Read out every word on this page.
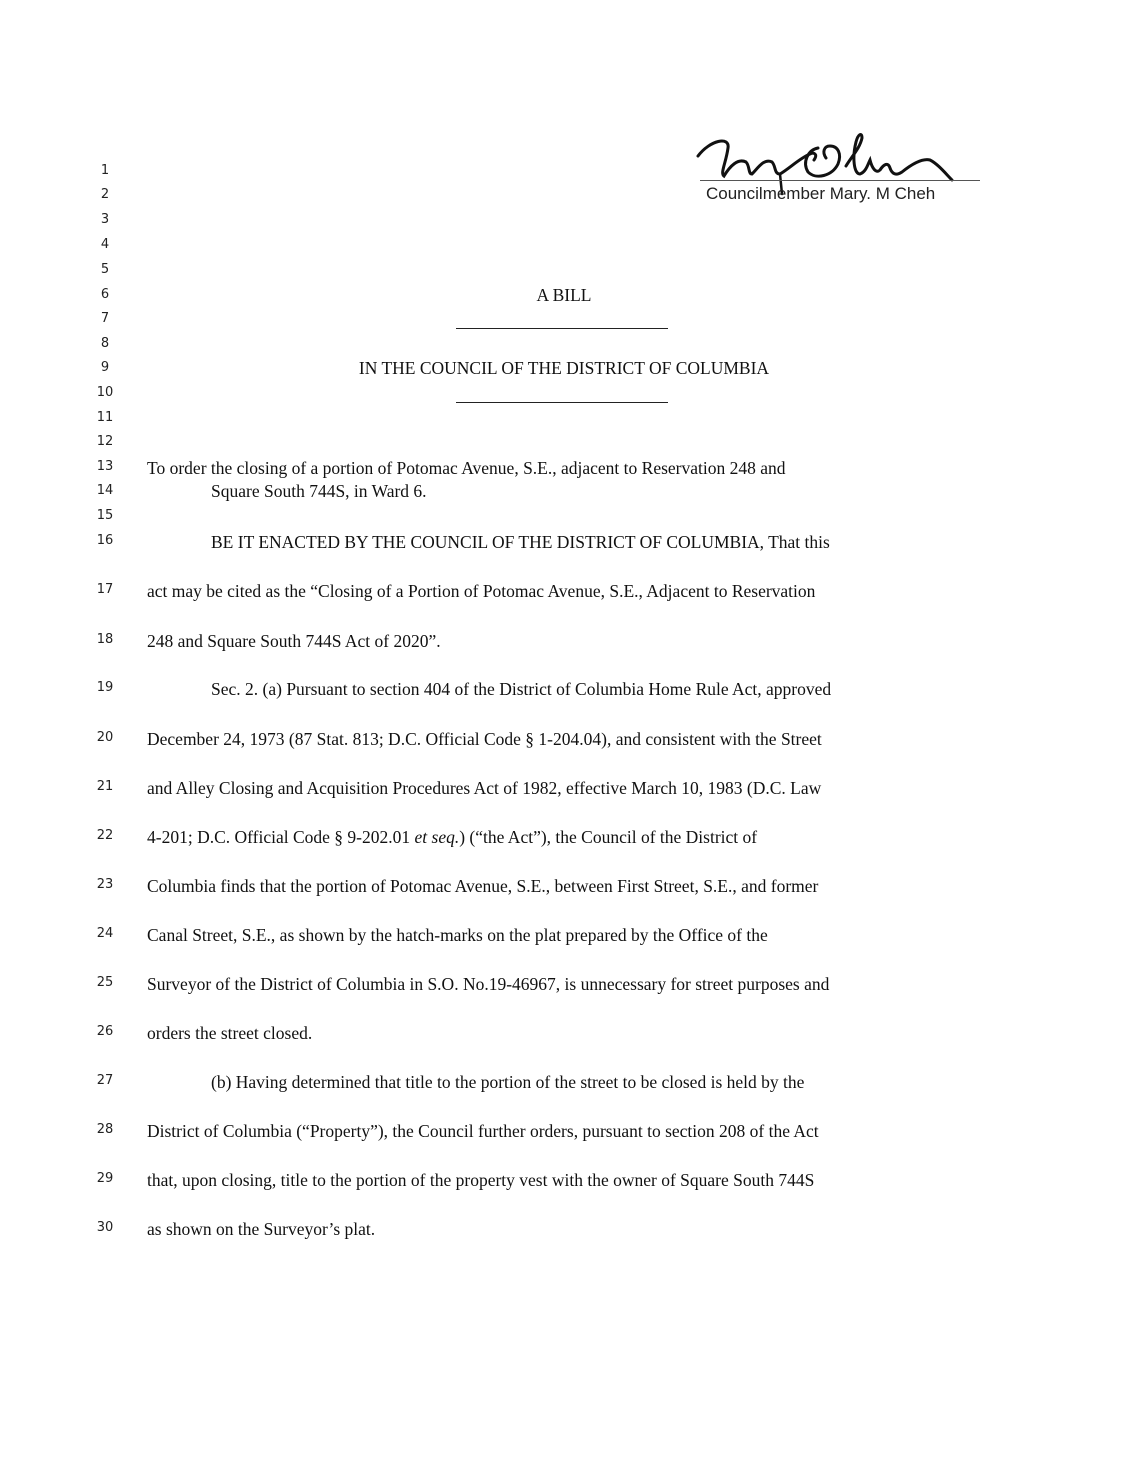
Councilmember Mary. M Cheh
1
2
3
4
5
6
7
8
9
10
11
12
13
14
15
16
17
18
19
20
21
22
23
24
25
26
27
28
29
30
A BILL
IN THE COUNCIL OF THE DISTRICT OF COLUMBIA
To order the closing of a portion of Potomac Avenue, S.E., adjacent to Reservation 248 and
Square South 744S, in Ward 6.
BE IT ENACTED BY THE COUNCIL OF THE DISTRICT OF COLUMBIA, That this
act may be cited as the “Closing of a Portion of Potomac Avenue, S.E., Adjacent to Reservation
248 and Square South 744S Act of 2020”.
Sec. 2. (a) Pursuant to section 404 of the District of Columbia Home Rule Act, approved
December 24, 1973 (87 Stat. 813; D.C. Official Code § 1-204.04), and consistent with the Street
and Alley Closing and Acquisition Procedures Act of 1982, effective March 10, 1983 (D.C. Law
4-201; D.C. Official Code § 9-202.01 et seq.) (“the Act”), the Council of the District of
Columbia finds that the portion of Potomac Avenue, S.E., between First Street, S.E., and former
Canal Street, S.E., as shown by the hatch-marks on the plat prepared by the Office of the
Surveyor of the District of Columbia in S.O. No.19-46967, is unnecessary for street purposes and
orders the street closed.
(b) Having determined that title to the portion of the street to be closed is held by the
District of Columbia (“Property”), the Council further orders, pursuant to section 208 of the Act
that, upon closing, title to the portion of the property vest with the owner of Square South 744S
as shown on the Surveyor’s plat.
